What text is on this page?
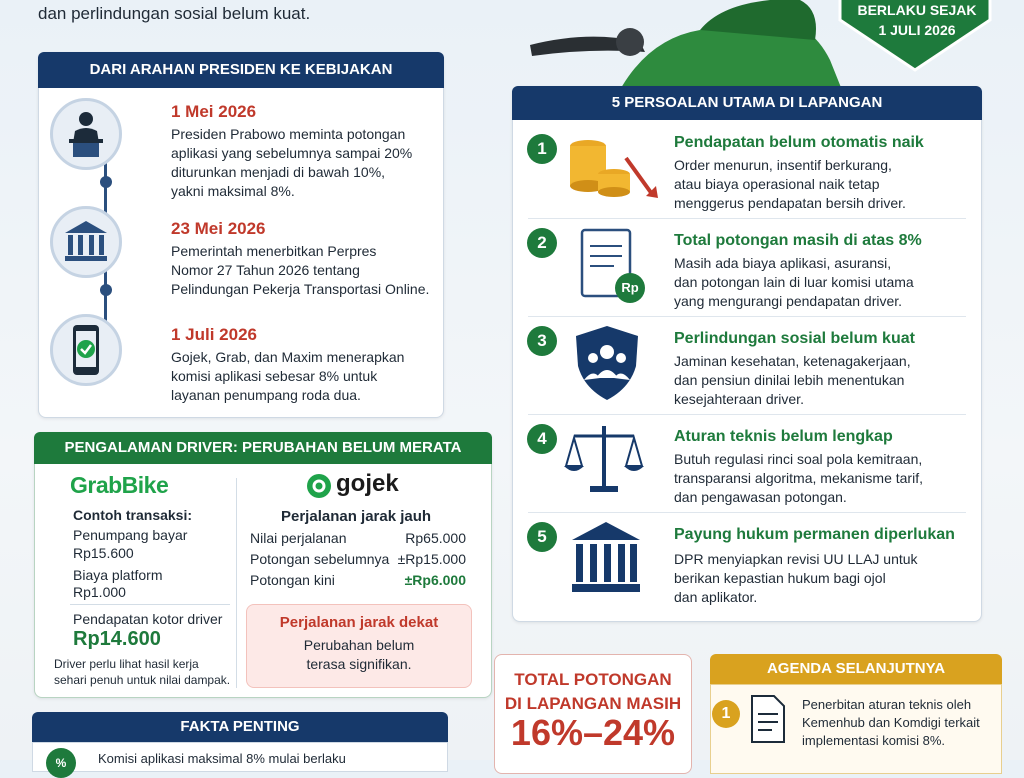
dan perlindungan sosial belum kuat.	BERLAKU SEJAK
1 JULI 2026
DARI ARAHAN PRESIDEN KE KEBIJAKAN
1 Mei 2026
Presiden Prabowo meminta potongan
aplikasi yang sebelumnya sampai 20%
diturunkan menjadi di bawah 10%,
yakni maksimal 8%.
23 Mei 2026
Pemerintah menerbitkan Perpres
Nomor 27 Tahun 2026 tentang
Pelindungan Pekerja Transportasi Online.
1 Juli 2026
Gojek, Grab, dan Maxim menerapkan
komisi aplikasi sebesar 8% untuk
layanan penumpang roda dua.
PENGALAMAN DRIVER: PERUBAHAN BELUM MERATA
GrabBike
Contoh transaksi:
Penumpang bayar
Rp15.600
Biaya platform
Rp1.000
Pendapatan kotor driver
Rp14.600
Driver perlu lihat hasil kerja
sehari penuh untuk nilai dampak.
gojek
Perjalanan jarak jauh
Nilai perjalanan	Rp65.000
Potongan sebelumnya ±Rp15.000
Potongan kini	±Rp6.000
Perjalanan jarak dekat
Perubahan belum
terasa signifikan.
FAKTA PENTING
%	Komisi aplikasi maksimal 8% mulai berlaku
5 PERSOALAN UTAMA DI LAPANGAN
1	Pendapatan belum otomatis naik
Order menurun, insentif berkurang,
atau biaya operasional naik tetap
menggerus pendapatan bersih driver.
2
Rp
Total potongan masih di atas 8%
Masih ada biaya aplikasi, asuransi,
dan potongan lain di luar komisi utama
yang mengurangi pendapatan driver.
3	Perlindungan sosial belum kuat
Jaminan kesehatan, ketenagakerjaan,
dan pensiun dinilai lebih menentukan
kesejahteraan driver.
4	Aturan teknis belum lengkap
Butuh regulasi rinci soal pola kemitraan,
transparansi algoritma, mekanisme tarif,
dan pengawasan potongan.
5	Payung hukum permanen diperlukan
DPR menyiapkan revisi UU LLAJ untuk
berikan kepastian hukum bagi ojol
dan aplikator.
TOTAL POTONGAN
DI LAPANGAN MASIH
16%–24%
AGENDA SELANJUTNYA
1
Penerbitan aturan teknis oleh
Kemenhub dan Komdigi terkait
implementasi komisi 8%.
